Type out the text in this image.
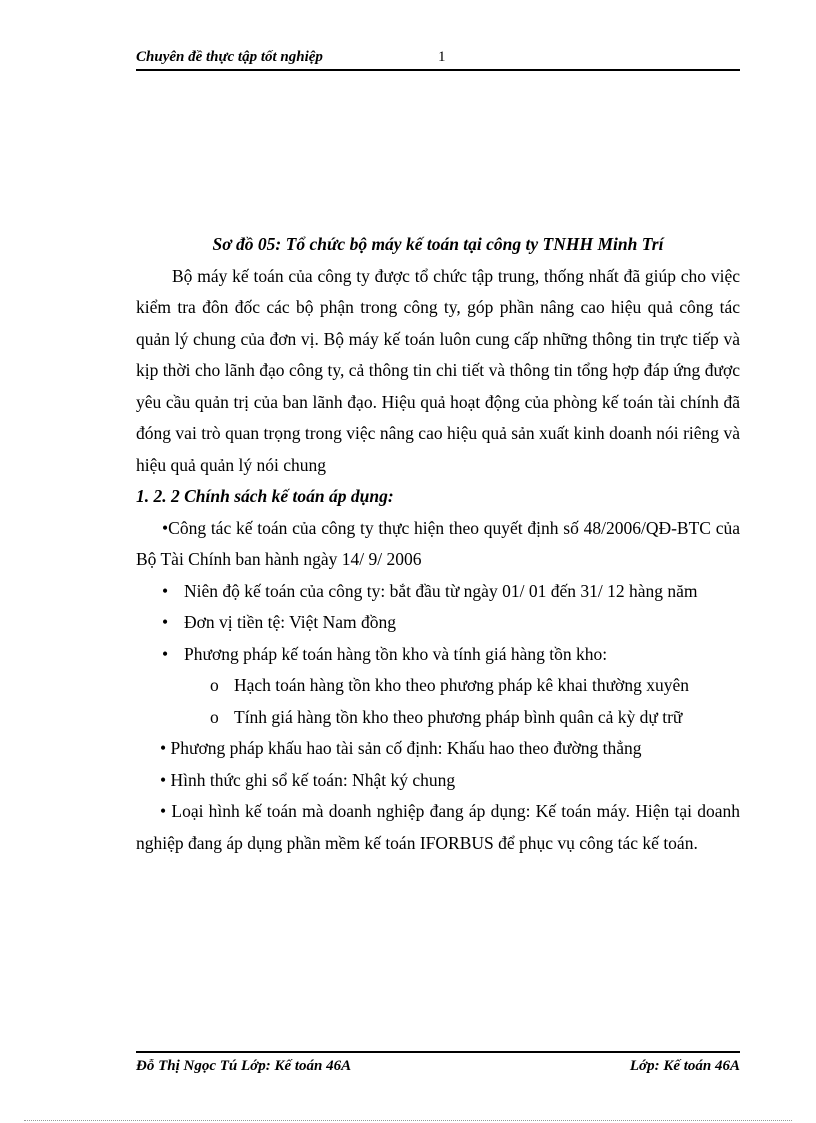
Chuyên đề thực tập tốt nghiệp	1

Sơ đồ 05: Tổ chức bộ máy kế toán tại công ty TNHH Minh Trí

Bộ máy kế toán của công ty được tổ chức tập trung, thống nhất đã giúp cho việc kiểm tra đôn đốc các bộ phận trong công ty, góp phần nâng cao hiệu quả công tác quản lý chung của đơn vị. Bộ máy kế toán luôn cung cấp những thông tin trực tiếp và kịp thời cho lãnh đạo công ty, cả thông tin chi tiết và thông tin tổng hợp đáp ứng được yêu cầu quản trị của ban lãnh đạo. Hiệu quả hoạt động của phòng kế toán tài chính đã đóng vai trò quan trọng trong việc nâng cao hiệu quả sản xuất kinh doanh nói riêng và hiệu quả quản lý nói chung

1. 2. 2 Chính sách kế toán áp dụng:

•Công tác kế toán của công ty thực hiện theo quyết định số 48/2006/QĐ-BTC của Bộ Tài Chính ban hành ngày 14/ 9/ 2006

• Niên độ kế toán của công ty: bắt đầu từ ngày 01/ 01 đến 31/ 12 hàng năm

• Đơn vị tiền tệ: Việt Nam đồng

• Phương pháp kế toán hàng tồn kho và tính giá hàng tồn kho:

o Hạch toán hàng tồn kho theo phương pháp kê khai thường xuyên

o Tính giá hàng tồn kho theo phương pháp bình quân cả kỳ dự trữ

• Phương pháp khấu hao tài sản cố định: Khấu hao theo đường thẳng

• Hình thức ghi sổ kế toán: Nhật ký chung

• Loại hình kế toán mà doanh nghiệp đang áp dụng: Kế toán máy. Hiện tại doanh nghiệp đang áp dụng phần mềm kế toán IFORBUS để phục vụ công tác kế toán.

Đỗ Thị Ngọc Tú Lớp: Kế toán 46A	Lớp: Kế toán 46A
